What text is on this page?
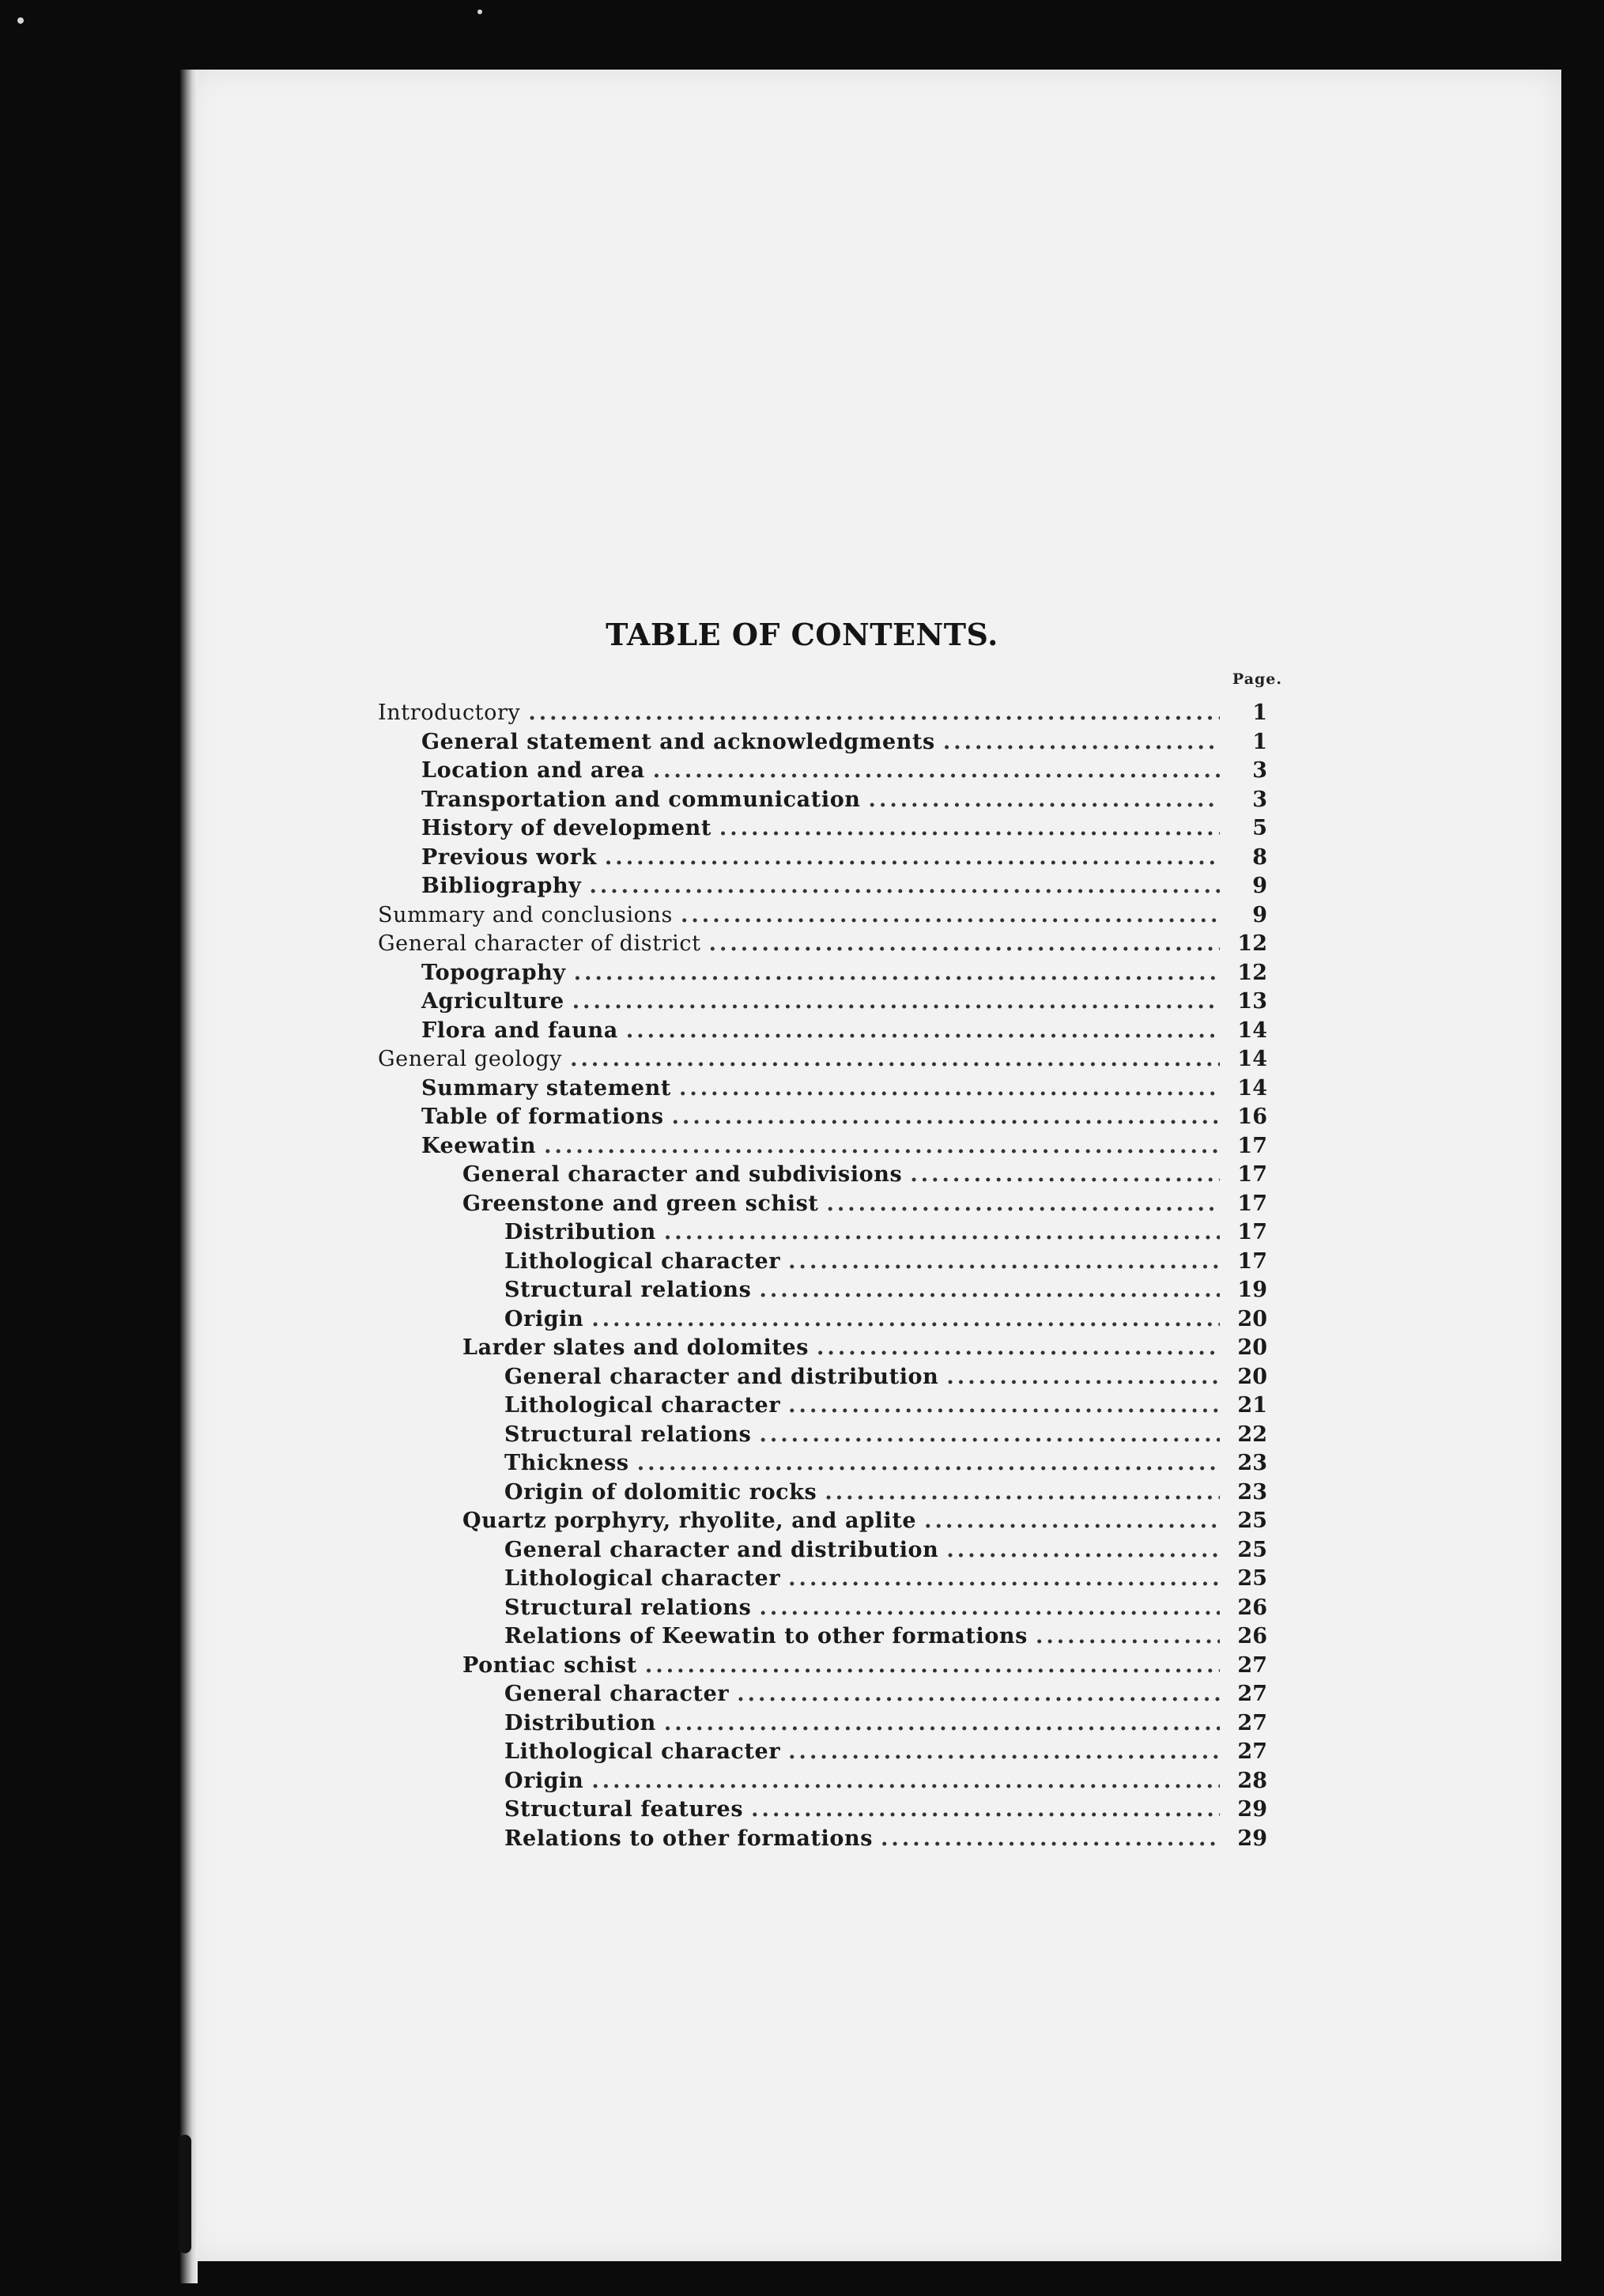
TABLE OF CONTENTS.
Page.
Introductory .....	1
General statement and acknowledgments .....	1
Location and area .....	3
Transportation and communication .....	3
History of development .....	5
Previous work .....	8
Bibliography .....	9
Summary and conclusions .....	9
General character of district .....	12
Topography .....	12
Agriculture .....	13
Flora and fauna .....	14
General geology .....	14
Summary statement .....	14
Table of formations .....	16
Keewatin .....	17
General character and subdivisions .....	17
Greenstone and green schist .....	17
Distribution .....	17
Lithological character .....	17
Structural relations .....	19
Origin .....	20
Larder slates and dolomites .....	20
General character and distribution .....	20
Lithological character .....	21
Structural relations .....	22
Thickness .....	23
Origin of dolomitic rocks .....	23
Quartz porphyry, rhyolite, and aplite .....	25
General character and distribution .....	25
Lithological character .....	25
Structural relations .....	26
Relations of Keewatin to other formations .....	26
Pontiac schist .....	27
General character .....	27
Distribution .....	27
Lithological character .....	27
Origin .....	28
Structural features .....	29
Relations to other formations .....	29
